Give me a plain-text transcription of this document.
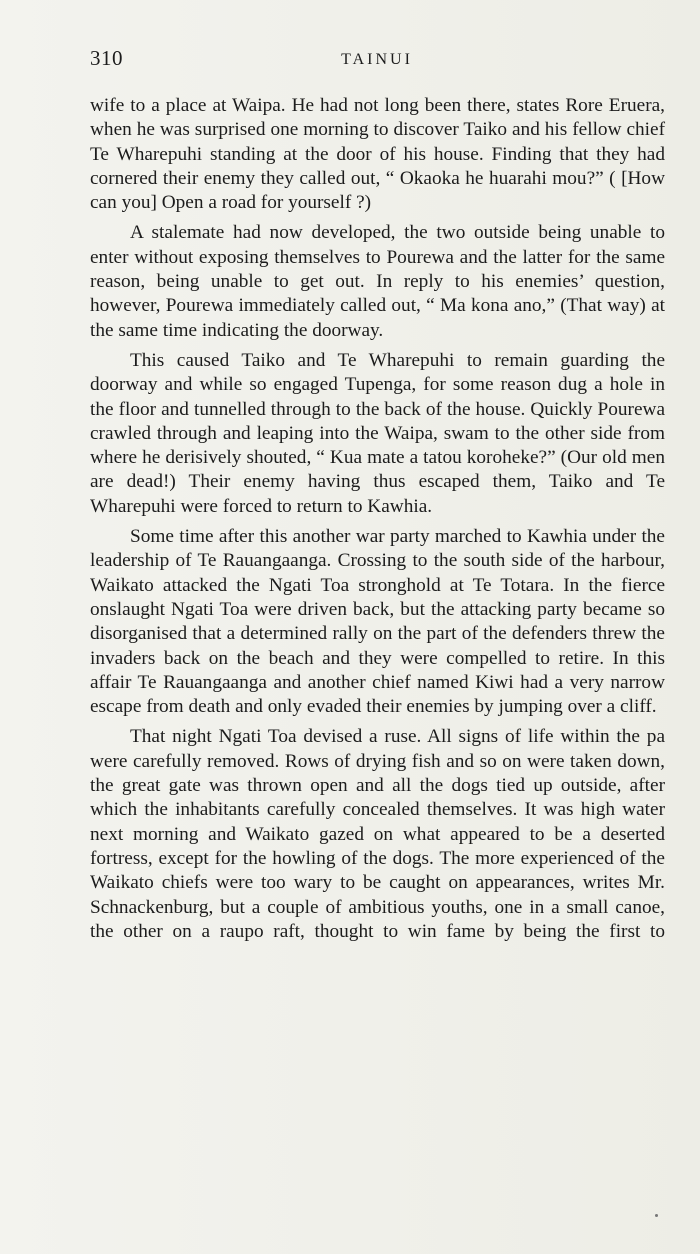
310	TAINUI

wife to a place at Waipa. He had not long been there, states Rore Eruera, when he was surprised one morning to discover Taiko and his fellow chief Te Wharepuhi standing at the door of his house. Finding that they had cornered their enemy they called out, “ Okaoka he huarahi mou?” ( [How can you] Open a road for yourself ?)

A stalemate had now developed, the two outside being unable to enter without exposing themselves to Pourewa and the latter for the same reason, being unable to get out. In reply to his enemies’ question, however, Pourewa immediately called out, “ Ma kona ano,” (That way) at the same time indicating the doorway.

This caused Taiko and Te Wharepuhi to remain guarding the doorway and while so engaged Tupenga, for some reason dug a hole in the floor and tunnelled through to the back of the house. Quickly Pourewa crawled through and leaping into the Waipa, swam to the other side from where he derisively shouted, “ Kua mate a tatou koroheke?” (Our old men are dead!) Their enemy having thus escaped them, Taiko and Te Wharepuhi were forced to return to Kawhia.

Some time after this another war party marched to Kawhia under the leadership of Te Rauangaanga. Crossing to the south side of the harbour, Waikato attacked the Ngati Toa stronghold at Te Totara. In the fierce onslaught Ngati Toa were driven back, but the attacking party became so disorganised that a determined rally on the part of the defenders threw the invaders back on the beach and they were compelled to retire. In this affair Te Rauangaanga and another chief named Kiwi had a very narrow escape from death and only evaded their enemies by jumping over a cliff.

That night Ngati Toa devised a ruse. All signs of life within the pa were carefully removed. Rows of drying fish and so on were taken down, the great gate was thrown open and all the dogs tied up outside, after which the inhabitants carefully concealed themselves. It was high water next morning and Waikato gazed on what appeared to be a deserted fortress, except for the howling of the dogs. The more experienced of the Waikato chiefs were too wary to be caught on appearances, writes Mr. Schnackenburg, but a couple of ambitious youths, one in a small canoe, the other on a raupo raft, thought to win fame by being the first to
